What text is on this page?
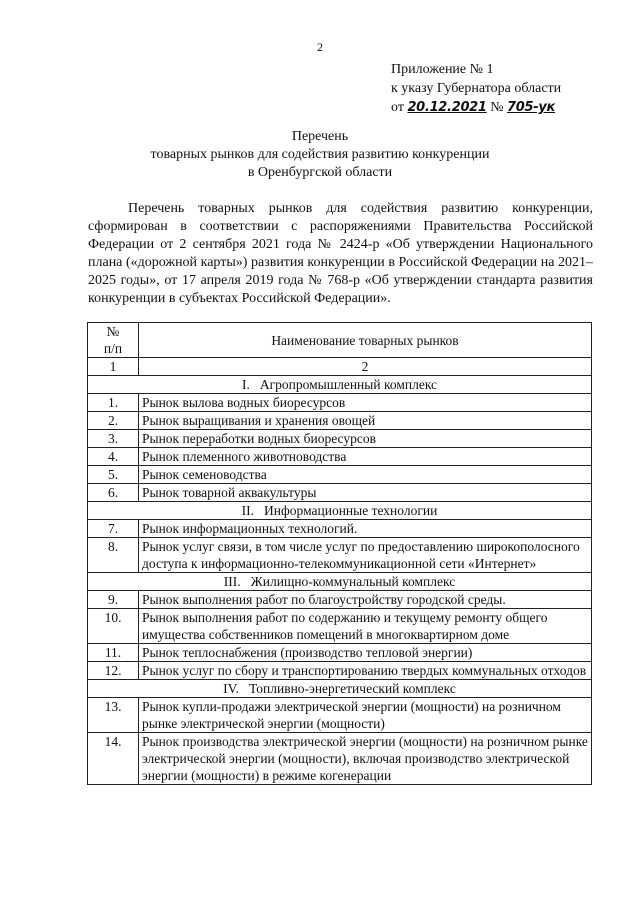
2
Приложение № 1
к указу Губернатора области
от 20.12.2021 № 705-ук
Перечень
товарных рынков для содействия развитию конкуренции
в Оренбургской области
Перечень товарных рынков для содействия развитию конкуренции, сформирован в соответствии с распоряжениями Правительства Российской Федерации от 2 сентября 2021 года № 2424-р «Об утверждении Национального плана («дорожной карты») развития конкуренции в Российской Федерации на 2021–2025 годы», от 17 апреля 2019 года № 768-р «Об утверждении стандарта развития конкуренции в субъектах Российской Федерации».
№
п/п	Наименование товарных рынков
1	2
I. Агропромышленный комплекс	
1.	Рынок вылова водных биоресурсов
2.	Рынок выращивания и хранения овощей
3.	Рынок переработки водных биоресурсов
4.	Рынок племенного животноводства
5.	Рынок семеноводства
6.	Рынок товарной аквакультуры
II. Информационные технологии	
7.	Рынок информационных технологий.
8.	Рынок услуг связи, в том числе услуг по предоставлению широкополосного доступа к информационно-телекоммуникационной сети «Интернет»
III. Жилищно-коммунальный комплекс	
9.	Рынок выполнения работ по благоустройству городской среды.
10.	Рынок выполнения работ по содержанию и текущему ремонту общего имущества собственников помещений в многоквартирном доме
11.	Рынок теплоснабжения (производство тепловой энергии)
12.	Рынок услуг по сбору и транспортированию твердых коммунальных отходов
IV. Топливно-энергетический комплекс	
13.	Рынок купли-продажи электрической энергии (мощности) на розничном рынке электрической энергии (мощности)
14.	Рынок производства электрической энергии (мощности) на розничном рынке электрической энергии (мощности), включая производство электрической энергии (мощности) в режиме когенерации
